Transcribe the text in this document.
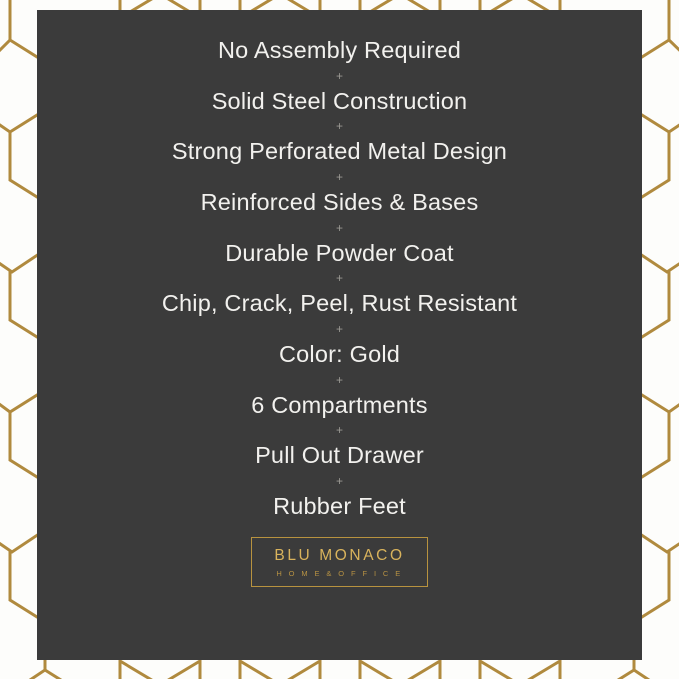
No Assembly Required
+
Solid Steel Construction
+
Strong Perforated Metal Design
+
Reinforced Sides & Bases
+
Durable Powder Coat
+
Chip, Crack, Peel, Rust Resistant
+
Color: Gold
+
6 Compartments
+
Pull Out Drawer
+
Rubber Feet
BLU MONACO
H O M E & O F F I C E
